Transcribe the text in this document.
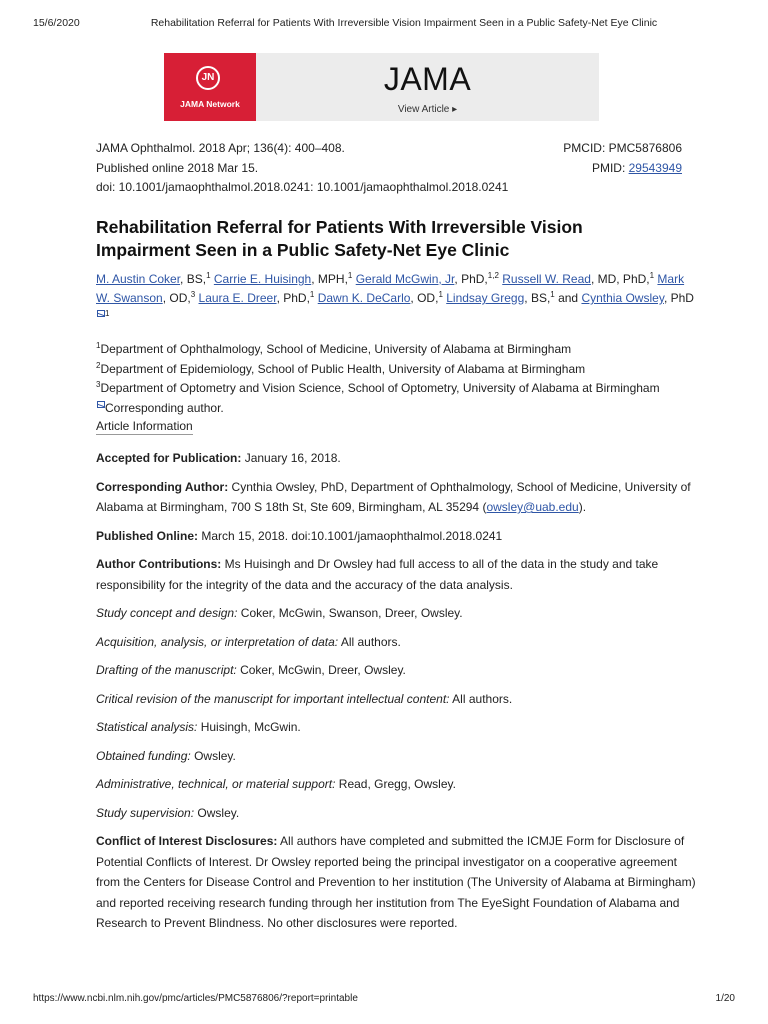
15/6/2020	Rehabilitation Referral for Patients With Irreversible Vision Impairment Seen in a Public Safety-Net Eye Clinic
JN
JAMA Network
JAMA
View Article ▸
JAMA Ophthalmol. 2018 Apr; 136(4): 400–408.
Published online 2018 Mar 15.
doi: 10.1001/jamaophthalmol.2018.0241: 10.1001/jamaophthalmol.2018.0241
PMCID: PMC5876806
PMID: 29543949
Rehabilitation Referral for Patients With Irreversible Vision Impairment Seen in a Public Safety-Net Eye Clinic
M. Austin Coker, BS,$^1$ Carrie E. Huisingh, MPH,$^1$ Gerald McGwin, Jr, PhD,$^{1,2}$ Russell W. Read, MD, PhD,$^1$ Mark W. Swanson, OD,$^3$ Laura E. Dreer, PhD,$^1$ Dawn K. DeCarlo, OD,$^1$ Lindsay Gregg, BS,$^1$ and Cynthia Owsley, PhD$^1$
$^1$Department of Ophthalmology, School of Medicine, University of Alabama at Birmingham
$^2$Department of Epidemiology, School of Public Health, University of Alabama at Birmingham
$^3$Department of Optometry and Vision Science, School of Optometry, University of Alabama at Birmingham
Corresponding author.
Article Information

Accepted for Publication: January 16, 2018.

Corresponding Author: Cynthia Owsley, PhD, Department of Ophthalmology, School of Medicine, University of Alabama at Birmingham, 700 S 18th St, Ste 609, Birmingham, AL 35294 (owsley@uab.edu).

Published Online: March 15, 2018. doi:10.1001/jamaophthalmol.2018.0241

Author Contributions: Ms Huisingh and Dr Owsley had full access to all of the data in the study and take responsibility for the integrity of the data and the accuracy of the data analysis.

Study concept and design: Coker, McGwin, Swanson, Dreer, Owsley.

Acquisition, analysis, or interpretation of data: All authors.

Drafting of the manuscript: Coker, McGwin, Dreer, Owsley.

Critical revision of the manuscript for important intellectual content: All authors.

Statistical analysis: Huisingh, McGwin.

Obtained funding: Owsley.

Administrative, technical, or material support: Read, Gregg, Owsley.

Study supervision: Owsley.

Conflict of Interest Disclosures: All authors have completed and submitted the ICMJE Form for Disclosure of Potential Conflicts of Interest. Dr Owsley reported being the principal investigator on a cooperative agreement from the Centers for Disease Control and Prevention to her institution (The University of Alabama at Birmingham) and reported receiving research funding through her institution from The EyeSight Foundation of Alabama and Research to Prevent Blindness. No other disclosures were reported.

https://www.ncbi.nlm.nih.gov/pmc/articles/PMC5876806/?report=printable	1/20
